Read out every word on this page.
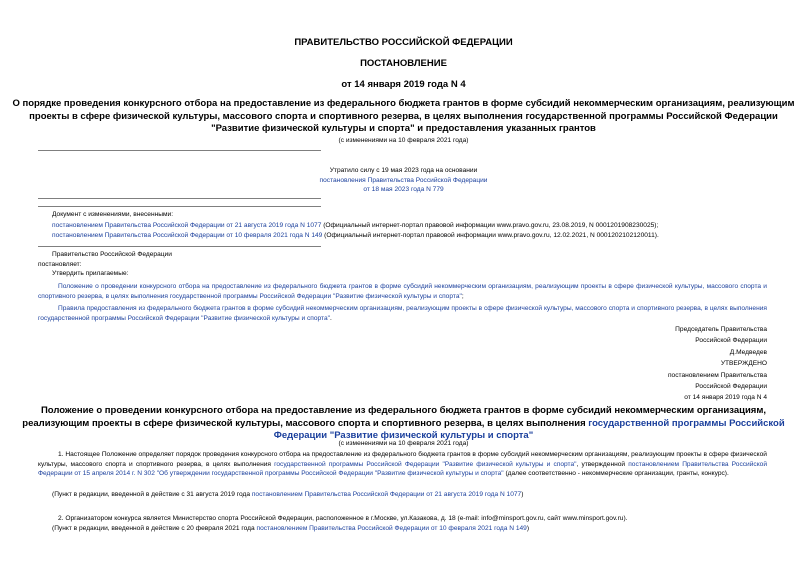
ПРАВИТЕЛЬСТВО РОССИЙСКОЙ ФЕДЕРАЦИИ
ПОСТАНОВЛЕНИЕ
от 14 января 2019 года N 4
О порядке проведения конкурсного отбора на предоставление из федерального бюджета грантов в форме субсидий некоммерческим организациям, реализующим
проекты в сфере физической культуры, массового спорта и спортивного резерва, в целях выполнения государственной программы Российской Федерации
"Развитие физической культуры и спорта" и предоставления указанных грантов
(с изменениями на 10 февраля 2021 года)
Утратило силу с 19 мая 2023 года на основании
постановления Правительства Российской Федерации
от 18 мая 2023 года N 779
Документ с изменениями, внесенными:
постановлением Правительства Российской Федерации от 21 августа 2019 года N 1077 (Официальный интернет-портал правовой информации www.pravo.gov.ru, 23.08.2019, N 0001201908230025);
постановлением Правительства Российской Федерации от 10 февраля 2021 года N 149 (Официальный интернет-портал правовой информации www.pravo.gov.ru, 12.02.2021, N 0001202102120011).
Правительство Российской Федерации
постановляет:
Утвердить прилагаемые:
Положение о проведении конкурсного отбора на предоставление из федерального бюджета грантов в форме субсидий некоммерческим организациям, реализующим проекты в сфере физической культуры, массового спорта и спортивного резерва, в целях выполнения государственной программы Российской Федерации "Развитие физической культуры и спорта";
Правила предоставления из федерального бюджета грантов в форме субсидий некоммерческим организациям, реализующим проекты в сфере физической культуры, массового спорта и спортивного резерва, в целях выполнения государственной программы Российской Федерации "Развитие физической культуры и спорта".
Председатель Правительства
Российской Федерации
Д.Медведев
УТВЕРЖДЕНО
постановлением Правительства
Российской Федерации
от 14 января 2019 года N 4
Положение о проведении конкурсного отбора на предоставление из федерального бюджета грантов в форме субсидий некоммерческим организациям,
реализующим проекты в сфере физической культуры, массового спорта и спортивного резерва, в целях выполнения государственной программы Российской
Федерации "Развитие физической культуры и спорта"
(с изменениями на 10 февраля 2021 года)
1. Настоящее Положение определяет порядок проведения конкурсного отбора на предоставление из федерального бюджета грантов в форме субсидий некоммерческим организациям, реализующим проекты в сфере физической культуры, массового спорта и спортивного резерва, в целях выполнения государственной программы Российской Федерации "Развитие физической культуры и спорта", утвержденной постановлением Правительства Российской Федерации от 15 апреля 2014 г. N 302 "Об утверждении государственной программы Российской Федерации "Развитие физической культуры и спорта" (далее соответственно - некоммерческие организации, гранты, конкурс).
(Пункт в редакции, введенной в действие с 31 августа 2019 года постановлением Правительства Российской Федерации от 21 августа 2019 года N 1077)
2. Организатором конкурса является Министерство спорта Российской Федерации, расположенное в г.Москве, ул.Казакова, д. 18 (e-mail: info@minsport.gov.ru, сайт www.minsport.gov.ru).
(Пункт в редакции, введенной в действие с 20 февраля 2021 года постановлением Правительства Российской Федерации от 10 февраля 2021 года N 149)
